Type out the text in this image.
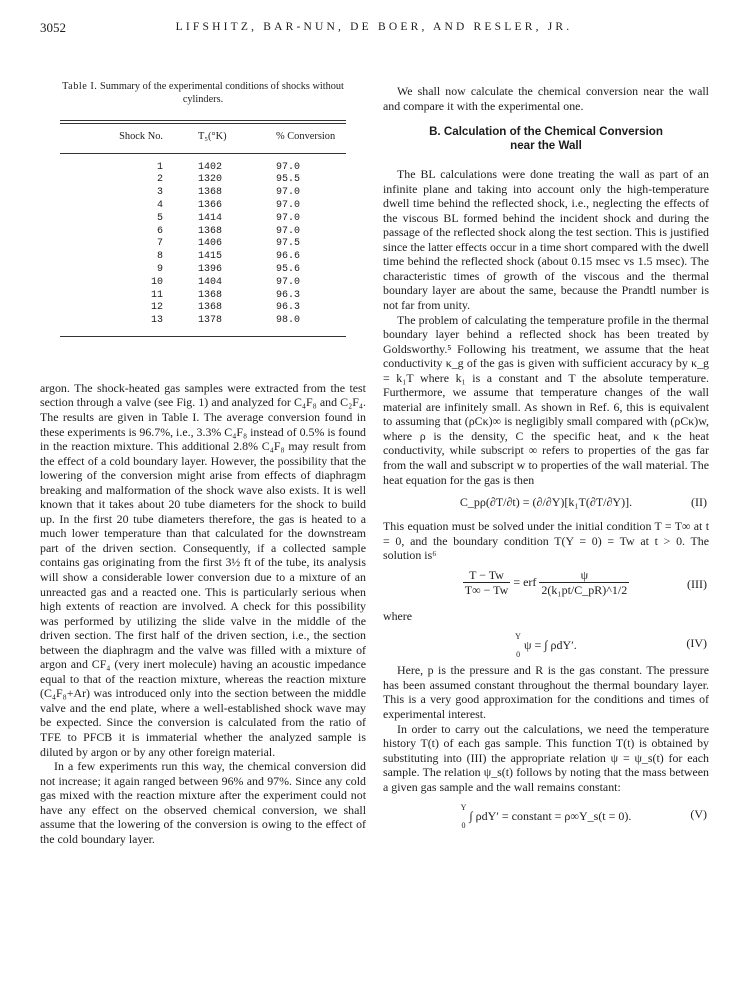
3052	LIFSHITZ, BAR-NUN, DE BOER, AND RESLER, JR.
Table I. Summary of the experimental conditions of shocks without cylinders.
Shock No.	T₅(°K)	% Conversion
1	1402	97.0
2	1320	95.5
3	1368	97.0
4	1366	97.0
5	1414	97.0
6	1368	97.0
7	1406	97.5
8	1415	96.6
9	1396	95.6
10	1404	97.0
11	1368	96.3
12	1368	96.3
13	1378	98.0

argon. The shock-heated gas samples were extracted from the test section through a valve (see Fig. 1) and analyzed for C₄F₈ and C₂F₄. The results are given in Table I. The average conversion found in these experiments is 96.7%, i.e., 3.3% C₄F₈ instead of 0.5% is found in the reaction mixture. This additional 2.8% C₄F₈ may result from the effect of a cold boundary layer. However, the possibility that the lowering of the conversion might arise from effects of diaphragm breaking and malformation of the shock wave also exists. It is well known that it takes about 20 tube diameters for the shock to build up. In the first 20 tube diameters therefore, the gas is heated to a much lower temperature than that calculated for the downstream part of the driven section. Consequently, if a collected sample contains gas originating from the first 3½ ft of the tube, its analysis will show a considerable lower conversion due to a mixture of an unreacted gas and a reacted one. This is particularly serious when high extents of reaction are involved. A check for this possibility was performed by utilizing the slide valve in the middle of the driven section. The first half of the driven section, i.e., the section between the diaphragm and the valve was filled with a mixture of argon and CF₄ (very inert molecule) having an acoustic impedance equal to that of the reaction mixture, whereas the reaction mixture (C₄F₈+Ar) was introduced only into the section between the middle valve and the end plate, where a well-established shock wave may be expected. Since the conversion is calculated from the ratio of TFE to PFCB it is immaterial whether the analyzed sample is diluted by argon or by any other foreign material.

In a few experiments run this way, the chemical conversion did not increase; it again ranged between 96% and 97%. Since any cold gas mixed with the reaction mixture after the experiment could not have any effect on the observed chemical conversion, we shall assume that the lowering of the conversion is owing to the effect of the cold boundary layer.

We shall now calculate the chemical conversion near the wall and compare it with the experimental one.

B. Calculation of the Chemical Conversion
near the Wall

The BL calculations were done treating the wall as part of an infinite plane and taking into account only the high-temperature dwell time behind the reflected shock, i.e., neglecting the effects of the viscous BL formed behind the incident shock and during the passage of the reflected shock along the test section. This is justified since the latter effects occur in a time short compared with the dwell time behind the reflected shock (about 0.15 msec vs 1.5 msec). The characteristic times of growth of the viscous and the thermal boundary layer are about the same, because the Prandtl number is not far from unity.

The problem of calculating the temperature profile in the thermal boundary layer behind a reflected shock has been treated by Goldsworthy.⁵ Following his treatment, we assume that the heat conductivity κ_g of the gas is given with sufficient accuracy by κ_g = k₁T where k₁ is a constant and T the absolute temperature. Furthermore, we assume that temperature changes of the wall material are infinitely small. As shown in Ref. 6, this is equivalent to assuming that (ρCκ)∞ is negligibly small compared with (ρCκ)w, where ρ is the density, C the specific heat, and κ the heat conductivity, while subscript ∞ refers to properties of the gas far from the wall and subscript w to properties of the wall material. The heat equation for the gas is then

C_pρ(∂T/∂t) = (∂/∂Y)[k₁T(∂T/∂Y)].	(II)

This equation must be solved under the initial condition T = T∞ at t = 0, and the boundary condition T(Y = 0) = Tw at t > 0. The solution is⁶

$\frac{T - Tw}{T\infty - Tw}$ = erf $\frac{\psi}{\text{2(k₁pt/C\_pR)\textasciicircum{}1/2}}$	(III)

where

Y
0
ψ = ∫ ρdY′.	(IV)

Here, p is the pressure and R is the gas constant. The pressure has been assumed constant throughout the thermal boundary layer. This is a very good approximation for the conditions and times of experimental interest.

In order to carry out the calculations, we need the temperature history T(t) of each gas sample. This function T(t) is obtained by substituting into (III) the appropriate relation ψ = ψ_s(t) for each sample. The relation ψ_s(t) follows by noting that the mass between a given gas sample and the wall remains constant:

Y
0
∫ ρdY′ = constant = ρ∞Y_s(t = 0).	(V)
